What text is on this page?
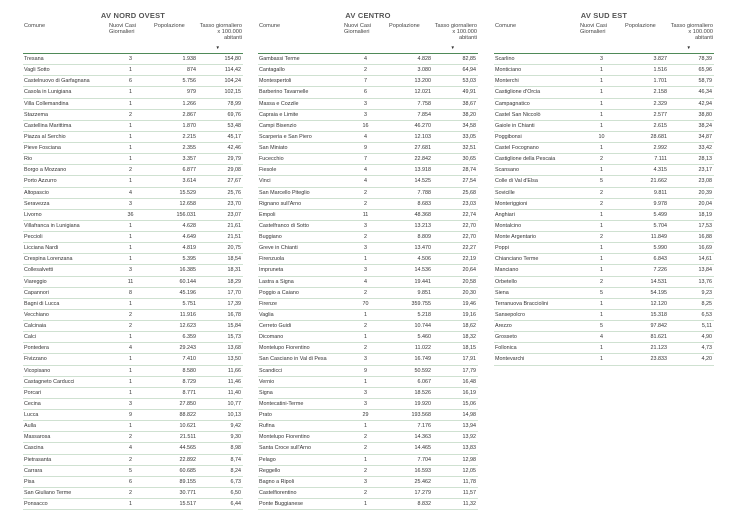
AV NORD OVEST
Comune	Nuovi Casi Giornalieri	Popolazione	Tasso giornaliero x 100.000 abitanti
▼

Tresana	3	1.938	154,80
Vagli Sotto	1	874	114,42
Castelnuovo di Garfagnana	6	5.756	104,24
Casola in Lunigiana	1	979	102,15
Villa Collemandina	1	1.266	78,99
Stazzema	2	2.867	69,76
Castellina Marittima	1	1.870	53,48
Piazza al Serchio	1	2.215	45,17
Pieve Fosciana	1	2.355	42,46
Rio	1	3.357	29,79
Borgo a Mozzano	2	6.877	29,08
Porto Azzurro	1	3.614	27,67
Altopascio	4	15.529	25,76
Seravezza	3	12.658	23,70
Livorno	36	156.031	23,07
Villafranca in Lunigiana	1	4.628	21,61
Peccioli	1	4.649	21,51
Licciana Nardi	1	4.819	20,75
Crespina Lorenzana	1	5.395	18,54
Collesalvetti	3	16.385	18,31
Viareggio	11	60.144	18,29
Capannori	8	45.196	17,70
Bagni di Lucca	1	5.751	17,39
Vecchiano	2	11.916	16,78
Calcinaia	2	12.623	15,84
Calci	1	6.359	15,73
Pontedera	4	29.243	13,68
Fivizzano	1	7.410	13,50
Vicopisano	1	8.580	11,66
Castagneto Carducci	1	8.729	11,46
Porcari	1	8.771	11,40
Cecina	3	27.850	10,77
Lucca	9	88.822	10,13
Aulla	1	10.621	9,42
Massarosa	2	21.511	9,30
Cascina	4	44.565	8,98
Pietrasanta	2	22.892	8,74
Carrara	5	60.685	8,24
Pisa	6	89.155	6,73
San Giuliano Terme	2	30.771	6,50
Ponsacco	1	15.517	6,44
AV CENTRO
Comune	Nuovi Casi Giornalieri	Popolazione	Tasso giornaliero x 100.000 abitanti
▼

Gambassi Terme	4	4.828	82,85
Cantagallo	2	3.080	64,94
Montespertoli	7	13.200	53,03
Barberino Tavarnelle	6	12.021	49,91
Massa e Cozzile	3	7.758	38,67
Capraia e Limite	3	7.854	38,20
Campi Bisenzio	16	46.270	34,58
Scarperia e San Piero	4	12.103	33,05
San Miniato	9	27.681	32,51
Fucecchio	7	22.842	30,65
Fiesole	4	13.918	28,74
Vinci	4	14.525	27,54
San Marcello Piteglio	2	7.788	25,68
Rignano sull'Arno	2	8.683	23,03
Empoli	11	48.368	22,74
Castelfranco di Sotto	3	13.213	22,70
Buggiano	2	8.809	22,70
Greve in Chianti	3	13.470	22,27
Firenzuola	1	4.506	22,19
Impruneta	3	14.536	20,64
Lastra a Signa	4	19.441	20,58
Poggio a Caiano	2	9.851	20,30
Firenze	70	359.755	19,46
Vaglia	1	5.218	19,16
Cerreto Guidi	2	10.744	18,62
Dicomano	1	5.460	18,32
Montelupo Fiorentino	2	11.022	18,15
San Casciano in Val di Pesa	3	16.749	17,91
Scandicci	9	50.592	17,79
Vernio	1	6.067	16,48
Signa	3	18.526	16,19
Montecatini-Terme	3	19.920	15,06
Prato	29	193.568	14,98
Rufina	1	7.176	13,94
Montelupo Fiorentino	2	14.363	13,92
Santa Croce sull'Arno	2	14.465	13,83
Pelago	1	7.704	12,98
Reggello	2	16.593	12,05
Bagno a Ripoli	3	25.462	11,78
Castelfiorentino	2	17.279	11,57
Ponte Buggianese	1	8.832	11,32
AV SUD EST
Comune	Nuovi Casi Giornalieri	Popolazione	Tasso giornaliero x 100.000 abitanti
▼

Scarlino	3	3.827	78,39
Monticiano	1	1.516	65,96
Monterchi	1	1.701	58,79
Castiglione d'Orcia	1	2.158	46,34
Campagnatico	1	2.329	42,94
Castel San Niccolò	1	2.577	38,80
Gaiole in Chianti	1	2.615	38,24
Poggibonsi	10	28.681	34,87
Castel Focognano	1	2.992	33,42
Castiglione della Pescaia	2	7.111	28,13
Scansano	1	4.315	23,17
Colle di Val d'Elsa	5	21.662	23,08
Sovicille	2	9.811	20,39
Monteriggioni	2	9.978	20,04
Anghiari	1	5.499	18,19
Montalcino	1	5.704	17,53
Monte Argentario	2	11.849	16,88
Poppi	1	5.990	16,69
Chianciano Terme	1	6.843	14,61
Manciano	1	7.226	13,84
Orbetello	2	14.531	13,76
Siena	5	54.195	9,23
Terranuova Bracciolini	1	12.120	8,25
Sansepolcro	1	15.318	6,53
Arezzo	5	97.842	5,11
Grosseto	4	81.621	4,90
Follonica	1	21.123	4,73
Montevarchi	1	23.833	4,20
